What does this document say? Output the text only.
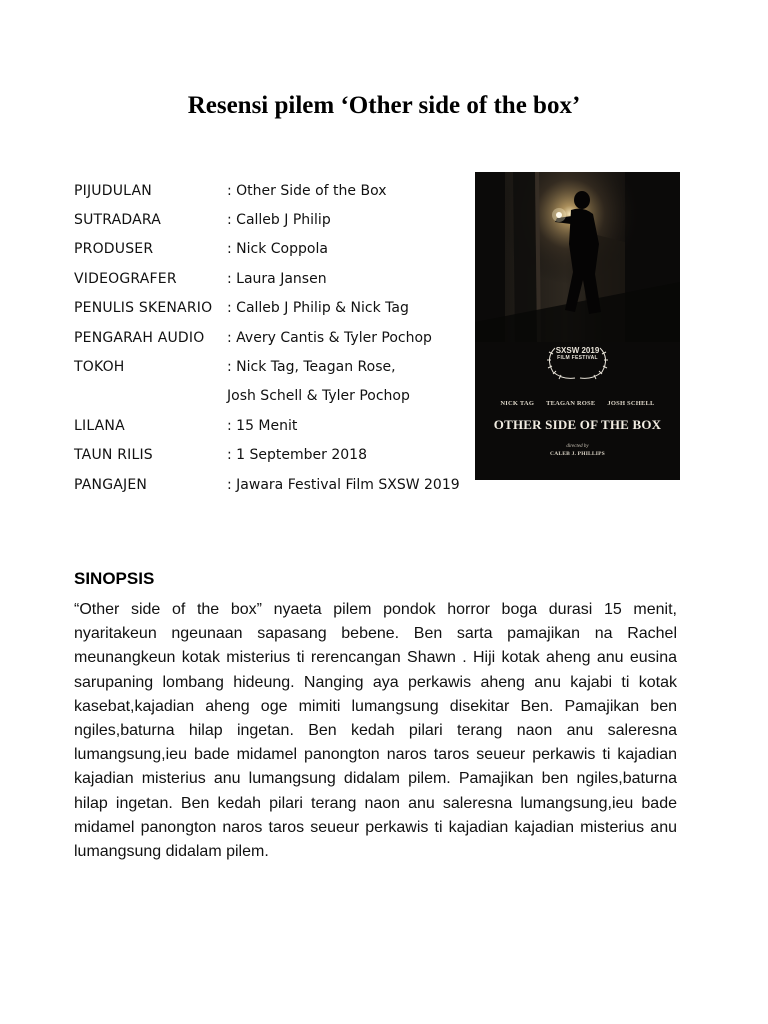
Resensi pilem ‘Other side of the box’
PIJUDULAN	: Other Side of the Box
SUTRADARA	: Calleb J Philip
PRODUSER	: Nick Coppola
VIDEOGRAFER	: Laura Jansen
PENULIS SKENARIO	: Calleb J Philip & Nick Tag
PENGARAH AUDIO	: Avery Cantis & Tyler Pochop
TOKOH	: Nick Tag, Teagan Rose,
Josh Schell & Tyler Pochop
LILANA	: 15 Menit
TAUN RILIS	: 1 September 2018
PANGAJEN	: Jawara Festival Film SXSW 2019
SXSW 2019
FILM FESTIVAL
NICK TAG TEAGAN ROSE JOSH SCHELL
OTHER SIDE OF THE BOX
directed by
CALEB J. PHILLIPS
SINOPSIS

“Other side of the box” nyaeta pilem pondok horror boga durasi 15 menit, nyaritakeun ngeunaan sapasang bebene. Ben sarta pamajikan na Rachel meunangkeun kotak misterius ti rerencangan Shawn . Hiji kotak aheng anu eusina sarupaning lombang hideung. Nanging aya perkawis aheng anu kajabi ti kotak kasebat,kajadian aheng oge mimiti lumangsung disekitar Ben. Pamajikan ben ngiles,baturna hilap ingetan. Ben kedah pilari terang naon anu saleresna lumangsung,ieu bade midamel panongton naros taros seueur perkawis ti kajadian kajadian misterius anu lumangsung didalam pilem. Pamajikan ben ngiles,baturna hilap ingetan. Ben kedah pilari terang naon anu saleresna lumangsung,ieu bade midamel panongton naros taros seueur perkawis ti kajadian kajadian misterius anu lumangsung didalam pilem.
